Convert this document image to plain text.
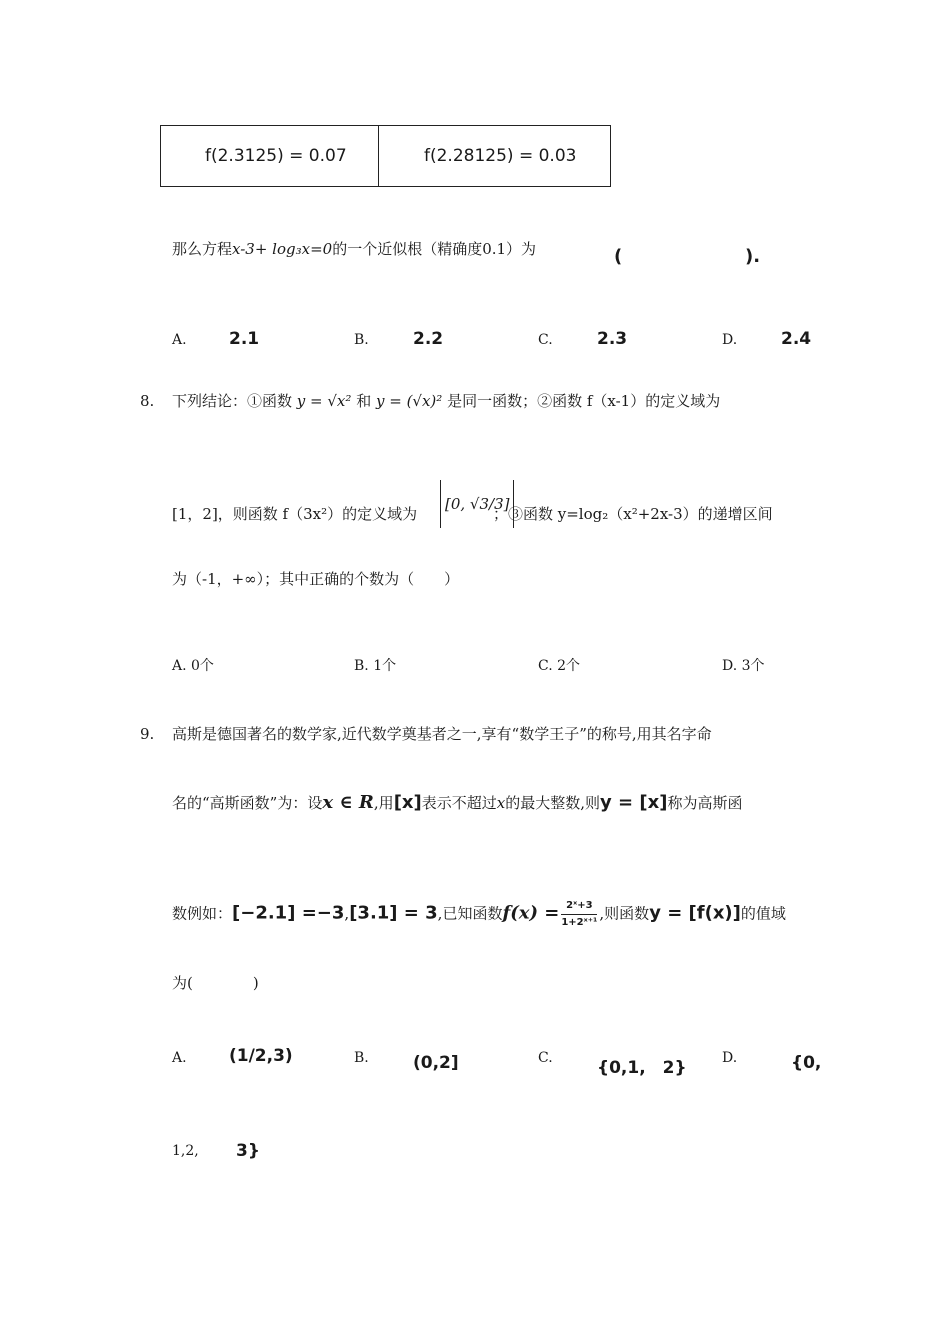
f(2.3125) = 0.07	f(2.28125) = 0.03
那么方程x-3+ log₃x=0的一个近似根（精确度0.1）为	(	).
A. 2.1	B.	2.2	C.	2.3	D.	2.4
8. 下列结论：①函数 y = √x² 和 y = (√x)² 是同一函数；②函数 f（x-1）的定义域为
[1，2]，则函数 f（3x²）的定义域为
[0, √3/3]
；③函数 y=log₂（x²+2x-3）的递增区间
为（-1，+∞）；其中正确的个数为（　　）
A. 0个	B. 1个	C. 2个	D. 3个
9. 高斯是德国著名的数学家,近代数学奠基者之一,享有“数学王子”的称号,用其名字命
名的“高斯函数”为：设x ∈ R,用[x]表示不超过x的最大整数,则y = [x]称为高斯函
数例如：[−2.1] =−3,[3.1] = 3,已知函数$f(x) = \frac{\text{2ˣ+3}}{\text{1+2ˣ⁺¹}}$ ,则函数y = [f(x)]的值域
为(　　　　)
A. (1/2,3)	B.	(0,2]	C.	{0,1,　2}	D.	{0,
1,2, 3}
